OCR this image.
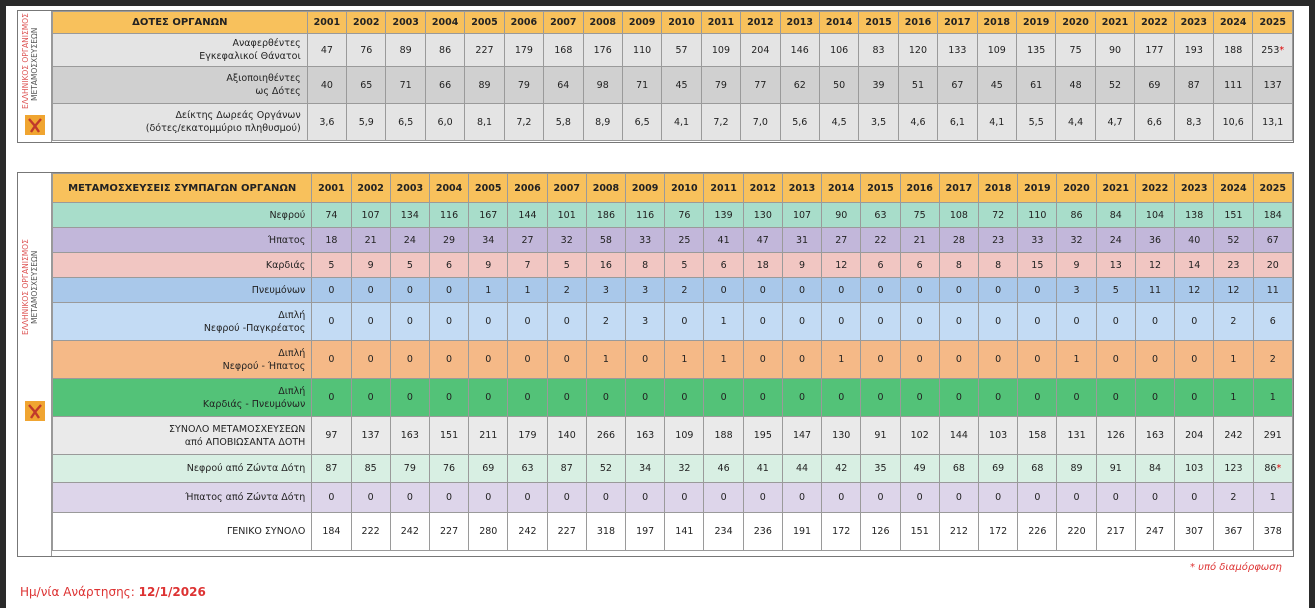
ΕΛΛΗΝΙΚΟΣ ΟΡΓΑΝΙΣΜΟΣ
ΜΕΤΑΜΟΣΧΕΥΣΕΩΝ
ΔΟΤΕΣ ΟΡΓΑΝΩΝ	2001	2002	2003	2004	2005	2006	2007	2008	2009	2010	2011	2012	2013	2014	2015	2016	2017	2018	2019	2020	2021	2022	2023	2024	2025
Αναφερθέντες
Εγκεφαλικοί Θάνατοι	47	76	89	86	227	179	168	176	110	57	109	204	146	106	83	120	133	109	135	75	90	177	193	188	253*
Αξιοποιηθέντες
ως Δότες	40	65	71	66	89	79	64	98	71	45	79	77	62	50	39	51	67	45	61	48	52	69	87	111	137
Δείκτης Δωρεάς Οργάνων
(δότες/εκατομμύριο πληθυσμού)	3,6	5,9	6,5	6,0	8,1	7,2	5,8	8,9	6,5	4,1	7,2	7,0	5,6	4,5	3,5	4,6	6,1	4,1	5,5	4,4	4,7	6,6	8,3	10,6	13,1
ΕΛΛΗΝΙΚΟΣ ΟΡΓΑΝΙΣΜΟΣ
ΜΕΤΑΜΟΣΧΕΥΣΕΩΝ
ΜΕΤΑΜΟΣΧΕΥΣΕΙΣ ΣΥΜΠΑΓΩΝ ΟΡΓΑΝΩΝ	2001	2002	2003	2004	2005	2006	2007	2008	2009	2010	2011	2012	2013	2014	2015	2016	2017	2018	2019	2020	2021	2022	2023	2024	2025
Νεφρού	74	107	134	116	167	144	101	186	116	76	139	130	107	90	63	75	108	72	110	86	84	104	138	151	184
Ήπατος	18	21	24	29	34	27	32	58	33	25	41	47	31	27	22	21	28	23	33	32	24	36	40	52	67
Καρδιάς	5	9	5	6	9	7	5	16	8	5	6	18	9	12	6	6	8	8	15	9	13	12	14	23	20
Πνευμόνων	0	0	0	0	1	1	2	3	3	2	0	0	0	0	0	0	0	0	0	3	5	11	12	12	11
Διπλή
Νεφρού -Παγκρέατος	0	0	0	0	0	0	0	2	3	0	1	0	0	0	0	0	0	0	0	0	0	0	0	2	6
Διπλή
Νεφρού - Ήπατος	0	0	0	0	0	0	0	1	0	1	1	0	0	1	0	0	0	0	0	1	0	0	0	1	2
Διπλή
Καρδιάς - Πνευμόνων	0	0	0	0	0	0	0	0	0	0	0	0	0	0	0	0	0	0	0	0	0	0	0	1	1
ΣΥΝΟΛΟ ΜΕΤΑΜΟΣΧΕΥΣΕΩΝ
από ΑΠΟΒΙΩΣΑΝΤΑ ΔΟΤΗ	97	137	163	151	211	179	140	266	163	109	188	195	147	130	91	102	144	103	158	131	126	163	204	242	291
Νεφρού από Ζώντα Δότη	87	85	79	76	69	63	87	52	34	32	46	41	44	42	35	49	68	69	68	89	91	84	103	123	86*
Ήπατος από Ζώντα Δότη	0	0	0	0	0	0	0	0	0	0	0	0	0	0	0	0	0	0	0	0	0	0	0	2	1
ΓΕΝΙΚΟ ΣΥΝΟΛΟ	184	222	242	227	280	242	227	318	197	141	234	236	191	172	126	151	212	172	226	220	217	247	307	367	378
* υπό διαμόρφωση
Ημ/νία Ανάρτησης: 12/1/2026
